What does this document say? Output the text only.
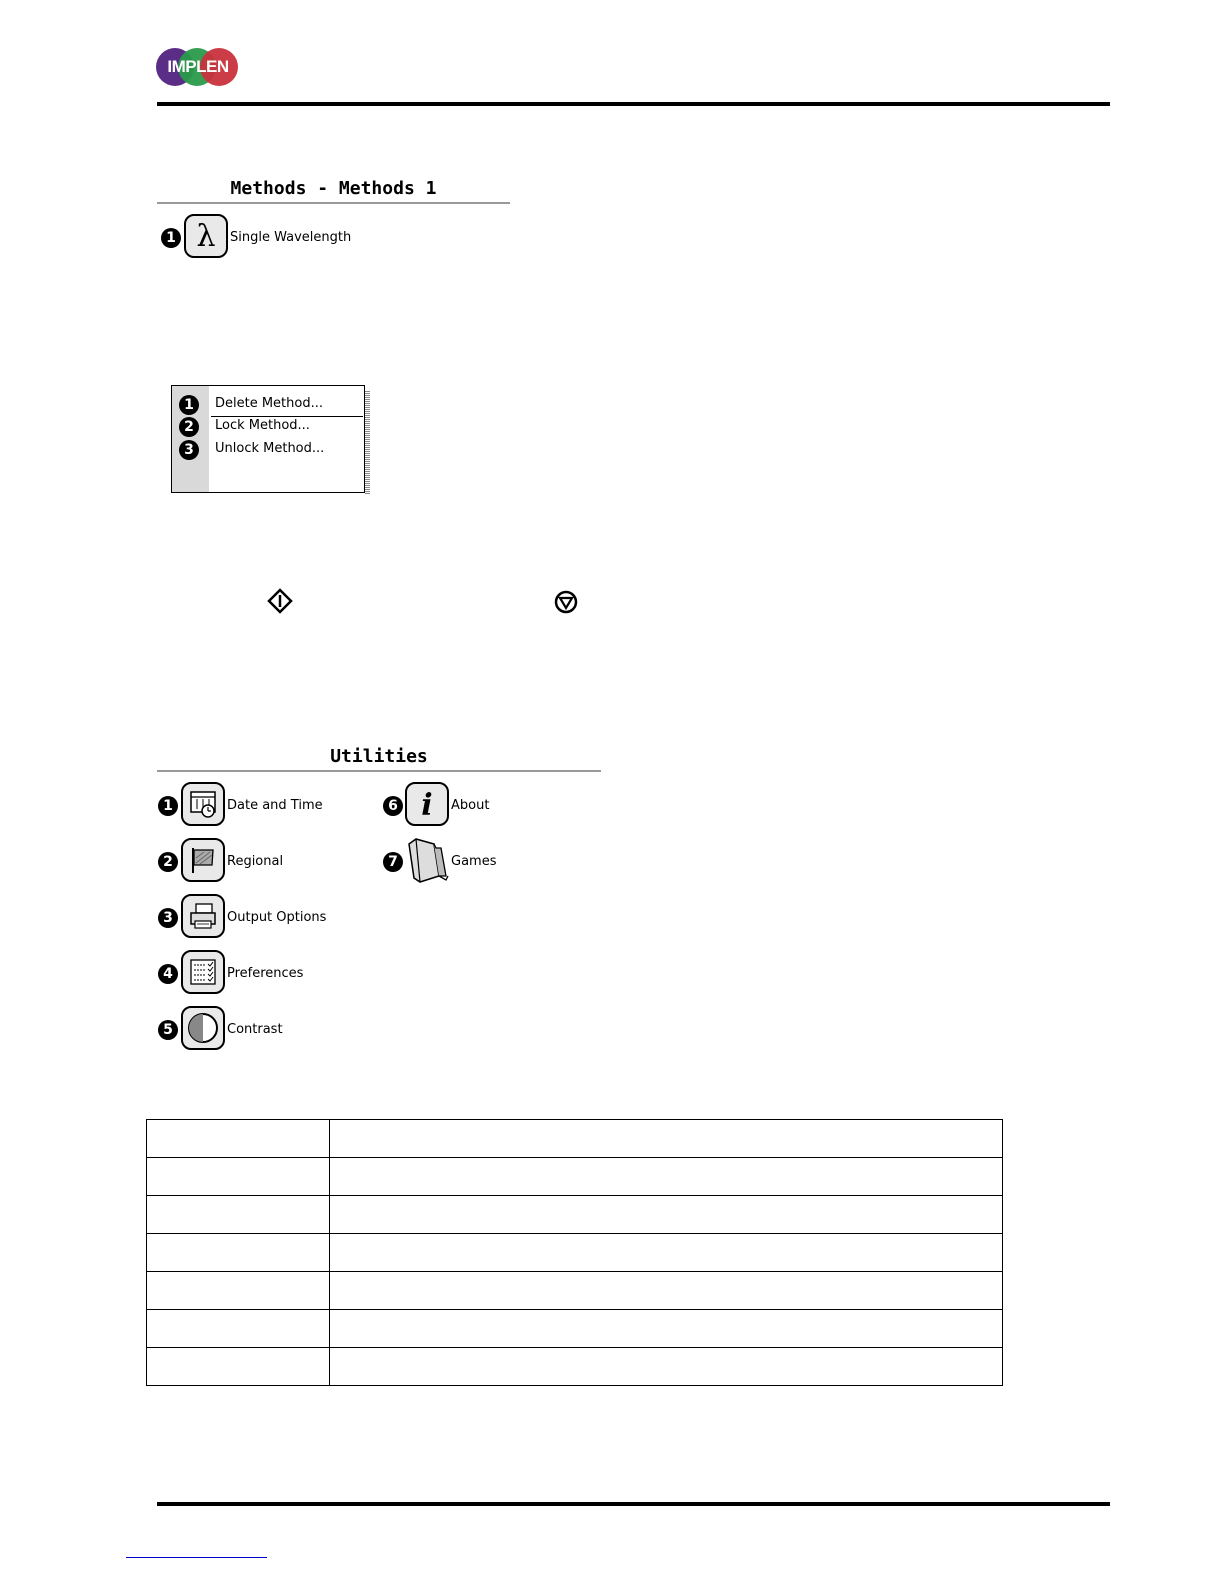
IMPLEN
Methods - Methods 1
1 λ Single Wavelength
1	Delete Method...
2	Lock Method...
3	Unlock Method...
Utilities
1	Date and Time
2	Regional
3	Output Options
4	Preferences
5	Contrast
6 i About
7	Games
